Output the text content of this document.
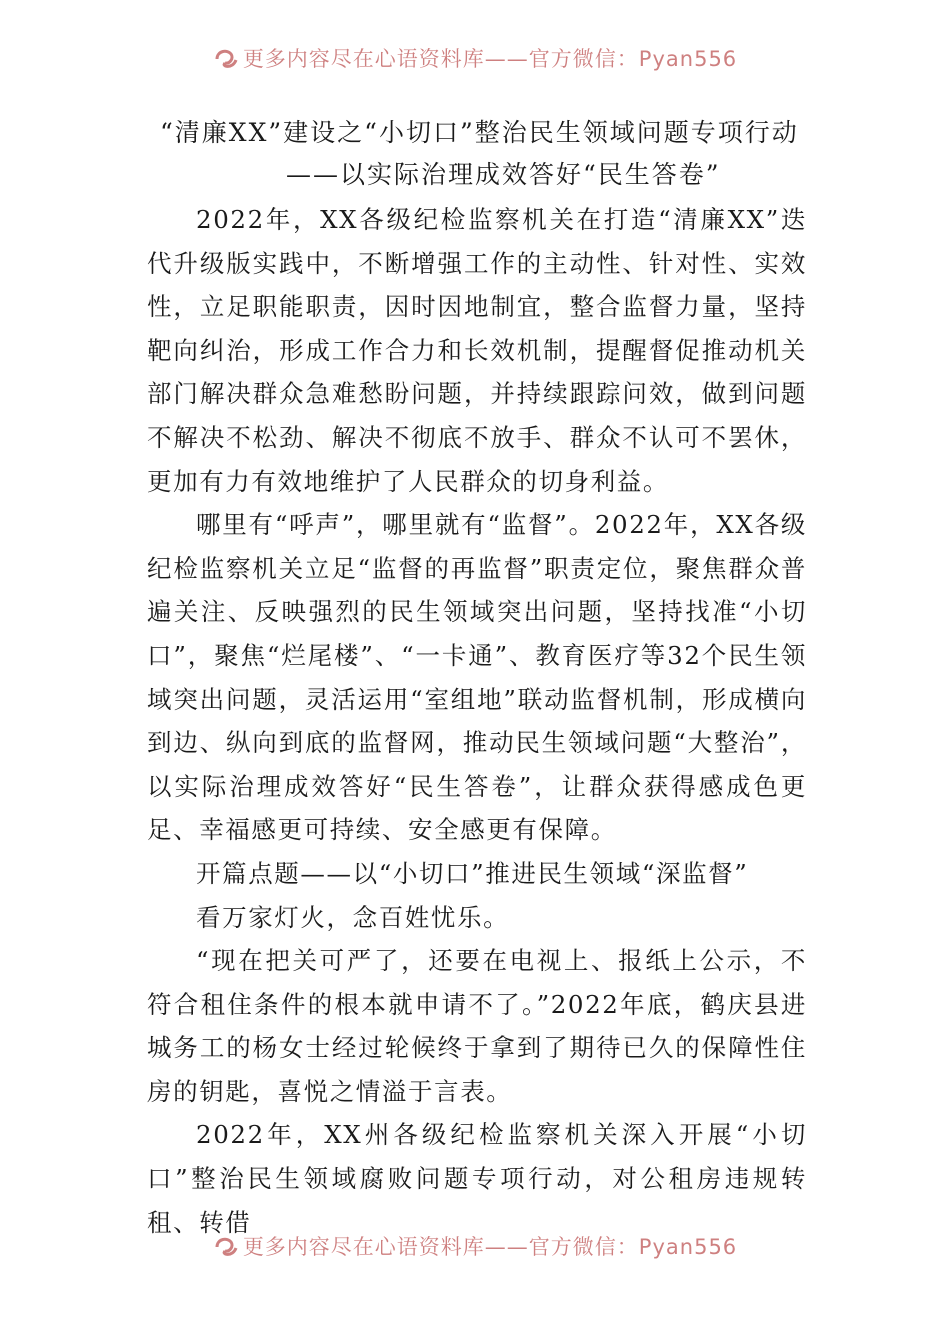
更多内容尽在心语资料库——官方微信：Pyan556
“清廉XX”建设之“小切口”整治民生领域问题专项行动
——以实际治理成效答好“民生答卷”

2022年，XX各级纪检监察机关在打造“清廉XX”迭代升级版实践中，不断增强工作的主动性、针对性、实效性，立足职能职责，因时因地制宜，整合监督力量，坚持靶向纠治，形成工作合力和长效机制，提醒督促推动机关部门解决群众急难愁盼问题，并持续跟踪问效，做到问题不解决不松劲、解决不彻底不放手、群众不认可不罢休，更加有力有效地维护了人民群众的切身利益。

哪里有“呼声”，哪里就有“监督”。2022年，XX各级纪检监察机关立足“监督的再监督”职责定位，聚焦群众普遍关注、反映强烈的民生领域突出问题，坚持找准“小切口”，聚焦“烂尾楼”、“一卡通”、教育医疗等32个民生领域突出问题，灵活运用“室组地”联动监督机制，形成横向到边、纵向到底的监督网，推动民生领域问题“大整治”，以实际治理成效答好“民生答卷”，让群众获得感成色更足、幸福感更可持续、安全感更有保障。

开篇点题——以“小切口”推进民生领域“深监督”

看万家灯火，念百姓忧乐。

“现在把关可严了，还要在电视上、报纸上公示，不符合租住条件的根本就申请不了。”2022年底，鹤庆县进城务工的杨女士经过轮候终于拿到了期待已久的保障性住房的钥匙，喜悦之情溢于言表。

2022年，XX州各级纪检监察机关深入开展“小切口”整治民生领域腐败问题专项行动，对公租房违规转租、转借

更多内容尽在心语资料库——官方微信：Pyan556
